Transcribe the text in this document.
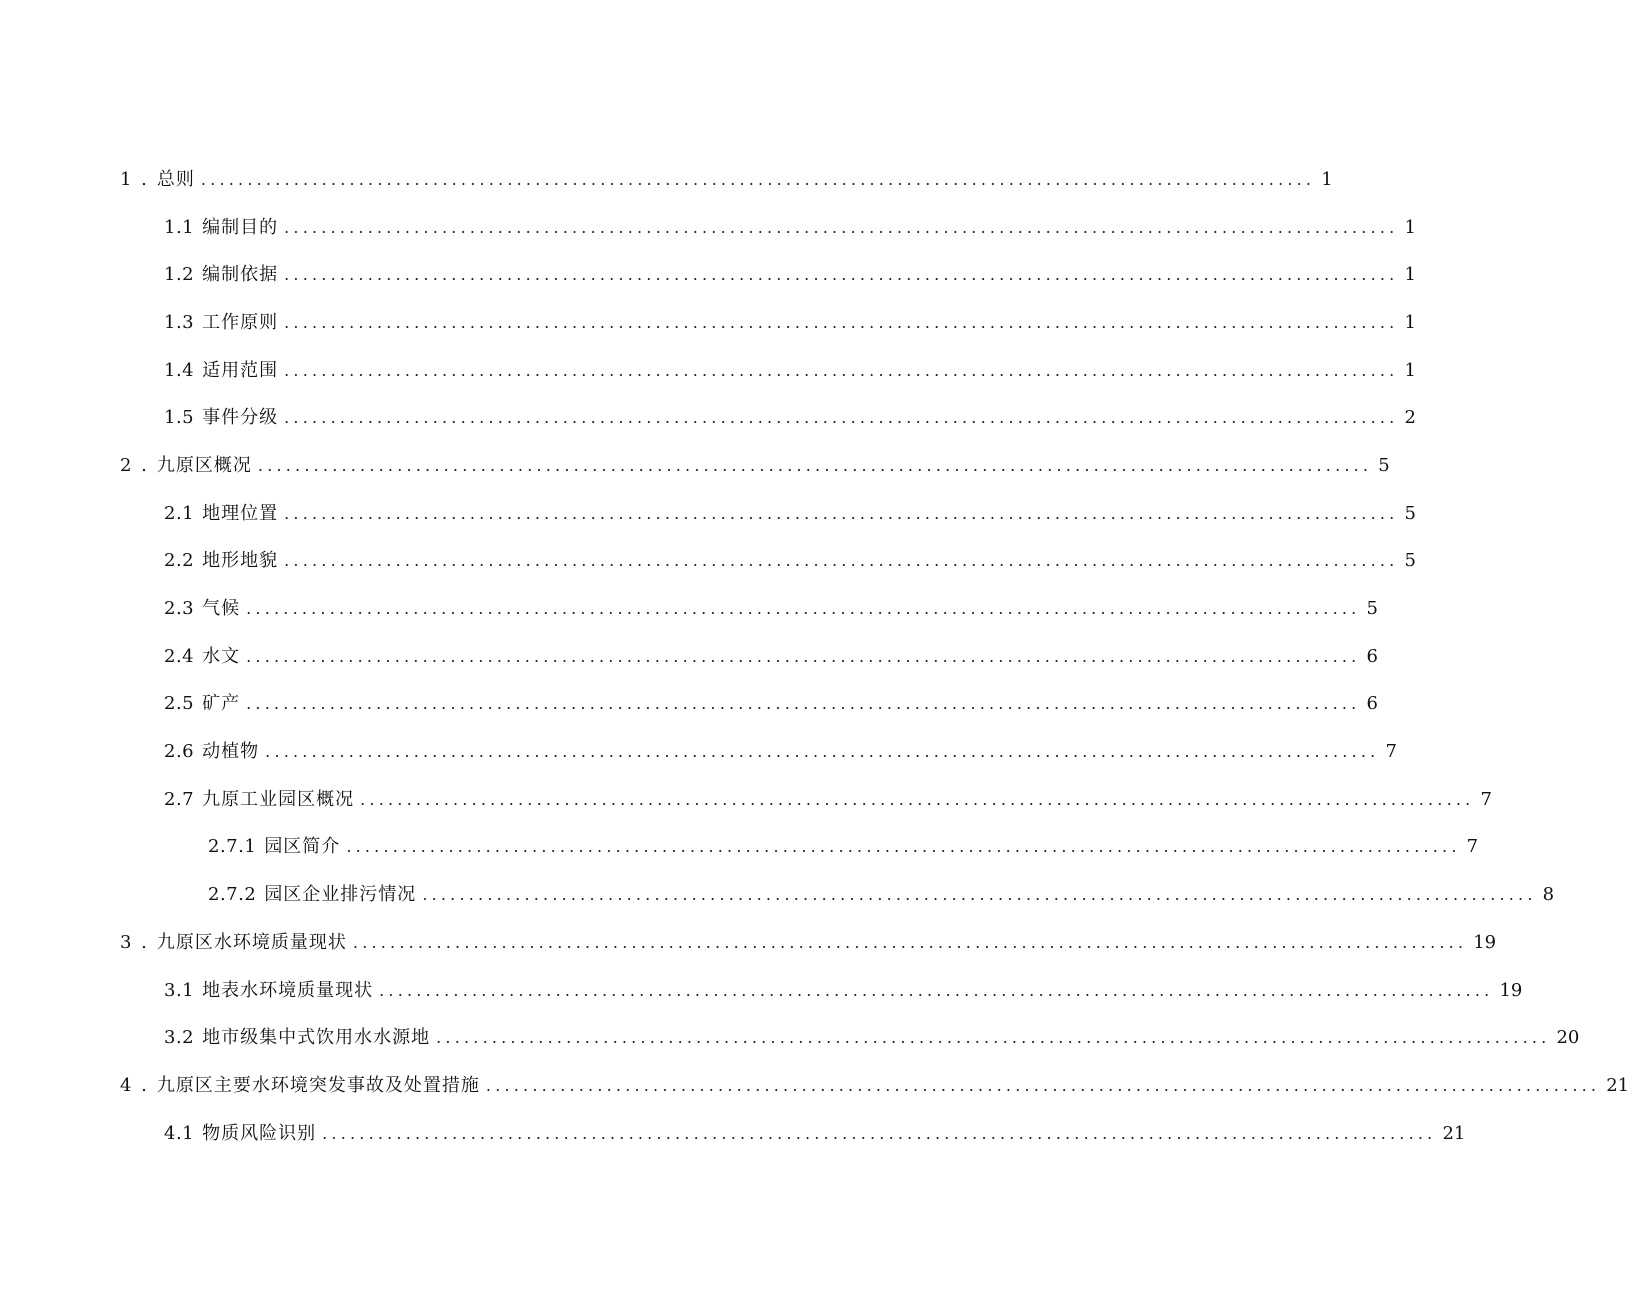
1 . 总则 ........................................................................................................................ 1
1.1 编制目的 ........................................................................................................................ 1
1.2 编制依据 ........................................................................................................................ 1
1.3 工作原则 ........................................................................................................................ 1
1.4 适用范围 ........................................................................................................................ 1
1.5 事件分级 ........................................................................................................................ 2
2 . 九原区概况 ........................................................................................................................ 5
2.1 地理位置 ........................................................................................................................ 5
2.2 地形地貌 ........................................................................................................................ 5
2.3 气候 ........................................................................................................................ 5
2.4 水文 ........................................................................................................................ 6
2.5 矿产 ........................................................................................................................ 6
2.6 动植物 ........................................................................................................................ 7
2.7 九原工业园区概况 ........................................................................................................................ 7
2.7.1 园区简介 ........................................................................................................................ 7
2.7.2 园区企业排污情况 ........................................................................................................................ 8
3 . 九原区水环境质量现状 ........................................................................................................................ 19
3.1 地表水环境质量现状 ........................................................................................................................ 19
3.2 地市级集中式饮用水水源地 ........................................................................................................................ 20
4 . 九原区主要水环境突发事故及处置措施 ........................................................................................................................ 21
4.1 物质风险识别 ........................................................................................................................ 21
